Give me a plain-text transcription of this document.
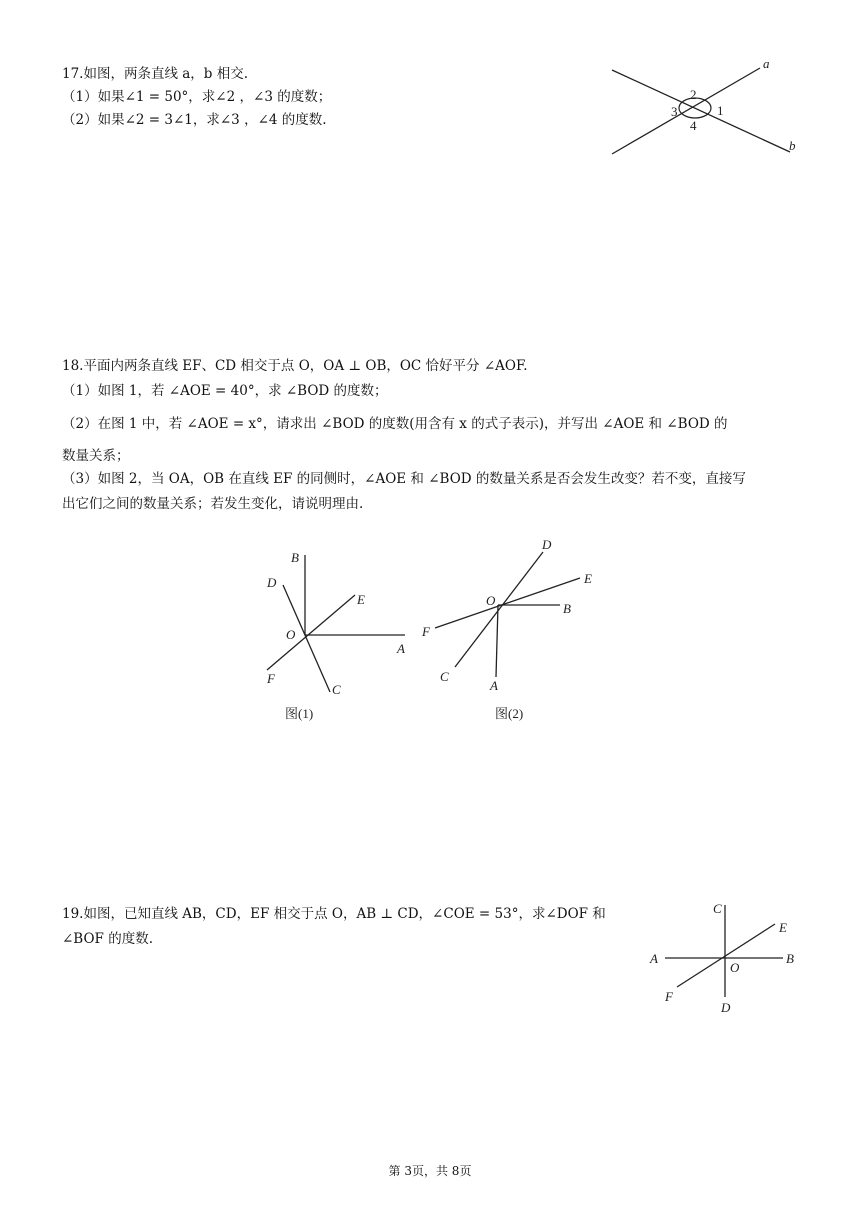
17.如图，两条直线 a，b 相交.
（1）如果∠1 = 50°，求∠2 ，∠3 的度数；
（2）如果∠2 = 3∠1，求∠3 ，∠4 的度数.
a
b
1
2
3
4
18.平面内两条直线 EF、CD 相交于点 O，OA ⊥ OB，OC 恰好平分 ∠AOF.
（1）如图 1，若 ∠AOE = 40°，求 ∠BOD 的度数；
（2）在图 1 中，若 ∠AOE = x°，请求出 ∠BOD 的度数(用含有 x 的式子表示)，并写出 ∠AOE 和 ∠BOD 的
数量关系；
（3）如图 2，当 OA，OB 在直线 EF 的同侧时，∠AOE 和 ∠BOD 的数量关系是否会发生改变？若不变，直接写
出它们之间的数量关系；若发生变化，请说明理由.
B
D
E
O
A
F
C
图(1)
D
E
O
B
F
C
A
图(2)
19.如图，已知直线 AB，CD，EF 相交于点 O，AB ⊥ CD，∠COE = 53°，求∠DOF 和
∠BOF 的度数.
C
E
A
O
B
F
D
第 3页，共 8页
